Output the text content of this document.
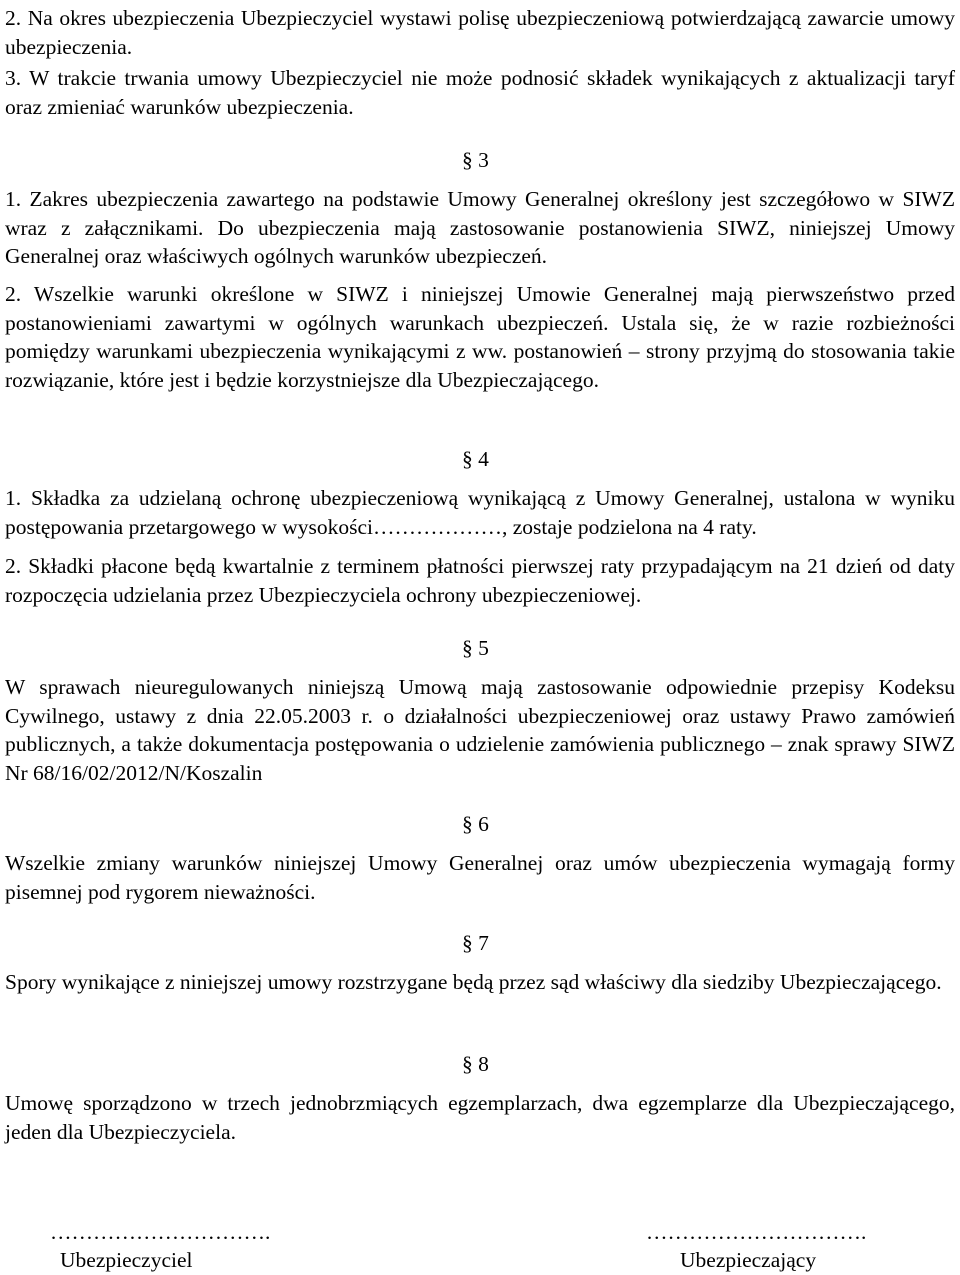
2. Na okres ubezpieczenia Ubezpieczyciel wystawi polisę ubezpieczeniową potwierdzającą zawarcie umowy ubezpieczenia.

3. W trakcie trwania umowy Ubezpieczyciel nie może podnosić składek wynikających z aktualizacji taryf oraz zmieniać warunków ubezpieczenia.

§ 3

1. Zakres ubezpieczenia zawartego na podstawie Umowy Generalnej określony jest szczegółowo w SIWZ wraz z załącznikami. Do ubezpieczenia mają zastosowanie postanowienia SIWZ, niniejszej Umowy Generalnej oraz właściwych ogólnych warunków ubezpieczeń.

2. Wszelkie warunki określone w SIWZ i niniejszej Umowie Generalnej mają pierwszeństwo przed postanowieniami zawartymi w ogólnych warunkach ubezpieczeń. Ustala się, że w razie rozbieżności pomiędzy warunkami ubezpieczenia wynikającymi z ww. postanowień – strony przyjmą do stosowania takie rozwiązanie, które jest i będzie korzystniejsze dla Ubezpieczającego.

§ 4

1. Składka za udzielaną ochronę ubezpieczeniową wynikającą z Umowy Generalnej, ustalona w wyniku postępowania przetargowego w wysokości………………, zostaje podzielona na 4 raty.

2. Składki płacone będą kwartalnie z terminem płatności pierwszej raty przypadającym na 21 dzień od daty rozpoczęcia udzielania przez Ubezpieczyciela ochrony ubezpieczeniowej.

§ 5

W sprawach nieuregulowanych niniejszą Umową mają zastosowanie odpowiednie przepisy Kodeksu Cywilnego, ustawy z dnia 22.05.2003 r. o działalności ubezpieczeniowej oraz ustawy Prawo zamówień publicznych, a także dokumentacja postępowania o udzielenie zamówienia publicznego – znak sprawy SIWZ Nr 68/16/02/2012/N/Koszalin

§ 6

Wszelkie zmiany warunków niniejszej Umowy Generalnej oraz umów ubezpieczenia wymagają formy pisemnej pod rygorem nieważności.

§ 7

Spory wynikające z niniejszej umowy rozstrzygane będą przez sąd właściwy dla siedziby Ubezpieczającego.

§ 8

Umowę sporządzono w trzech jednobrzmiących egzemplarzach, dwa egzemplarze dla Ubezpieczającego, jeden dla Ubezpieczyciela.

………………………….
Ubezpieczyciel
………………………….
Ubezpieczający
